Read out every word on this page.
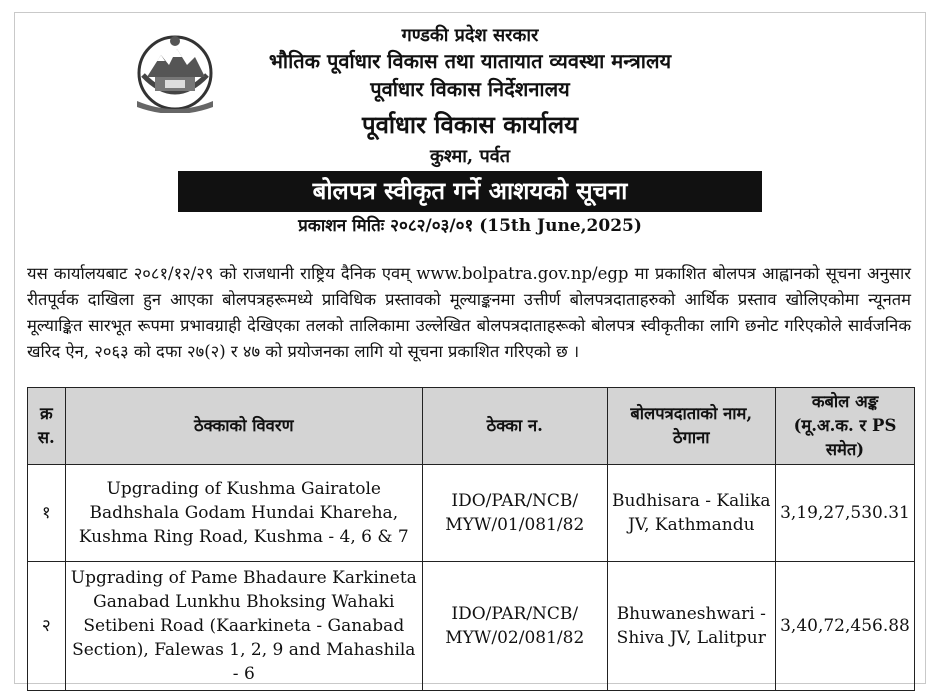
गण्डकी प्रदेश सरकार

भौतिक पूर्वाधार विकास तथा यातायात व्यवस्था मन्त्रालय

पूर्वाधार विकास निर्देशनालय

पूर्वाधार विकास कार्यालय

कुश्मा, पर्वत

बोलपत्र स्वीकृत गर्ने आशयको सूचना

प्रकाशन मितिः २०८२/०३/०१ (15th June,2025)

यस कार्यालयबाट २०८१/१२/२९ को राजधानी राष्ट्रिय दैनिक एवम् www.bolpatra.gov.np/egp मा प्रकाशित बोलपत्र आह्वानको सूचना अनुसार रीतपूर्वक दाखिला हुन आएका बोलपत्रहरूमध्ये प्राविधिक प्रस्तावको मूल्याङ्कनमा उत्तीर्ण बोलपत्रदाताहरुको आर्थिक प्रस्ताव खोलिएकोमा न्यूनतम मूल्याङ्कित सारभूत रूपमा प्रभावग्राही देखिएका तलको तालिकामा उल्लेखित बोलपत्रदाताहरूको बोलपत्र स्वीकृतीका लागि छनोट गरिएकोले सार्वजनिक खरिद ऐन, २०६३ को दफा २७(२) र ४७ को प्रयोजनका लागि यो सूचना प्रकाशित गरिएको छ ।

क्र स.	ठेक्काको विवरण	ठेक्का न.	बोलपत्रदाताको नाम, ठेगाना	कबोल अङ्क (मू.अ.क. र PS समेत)
१	Upgrading of Kushma Gairatole Badhshala Godam Hundai Khareha, Kushma Ring Road, Kushma - 4, 6 & 7	IDO/PAR/NCB/ MYW/01/081/82	Budhisara - Kalika JV, Kathmandu	3,19,27,530.31
२	Upgrading of Pame Bhadaure Karkineta Ganabad Lunkhu Bhoksing Wahaki Setibeni Road (Kaarkineta - Ganabad Section), Falewas 1, 2, 9 and Mahashila - 6	IDO/PAR/NCB/ MYW/02/081/82	Bhuwaneshwari - Shiva JV, Lalitpur	3,40,72,456.88
